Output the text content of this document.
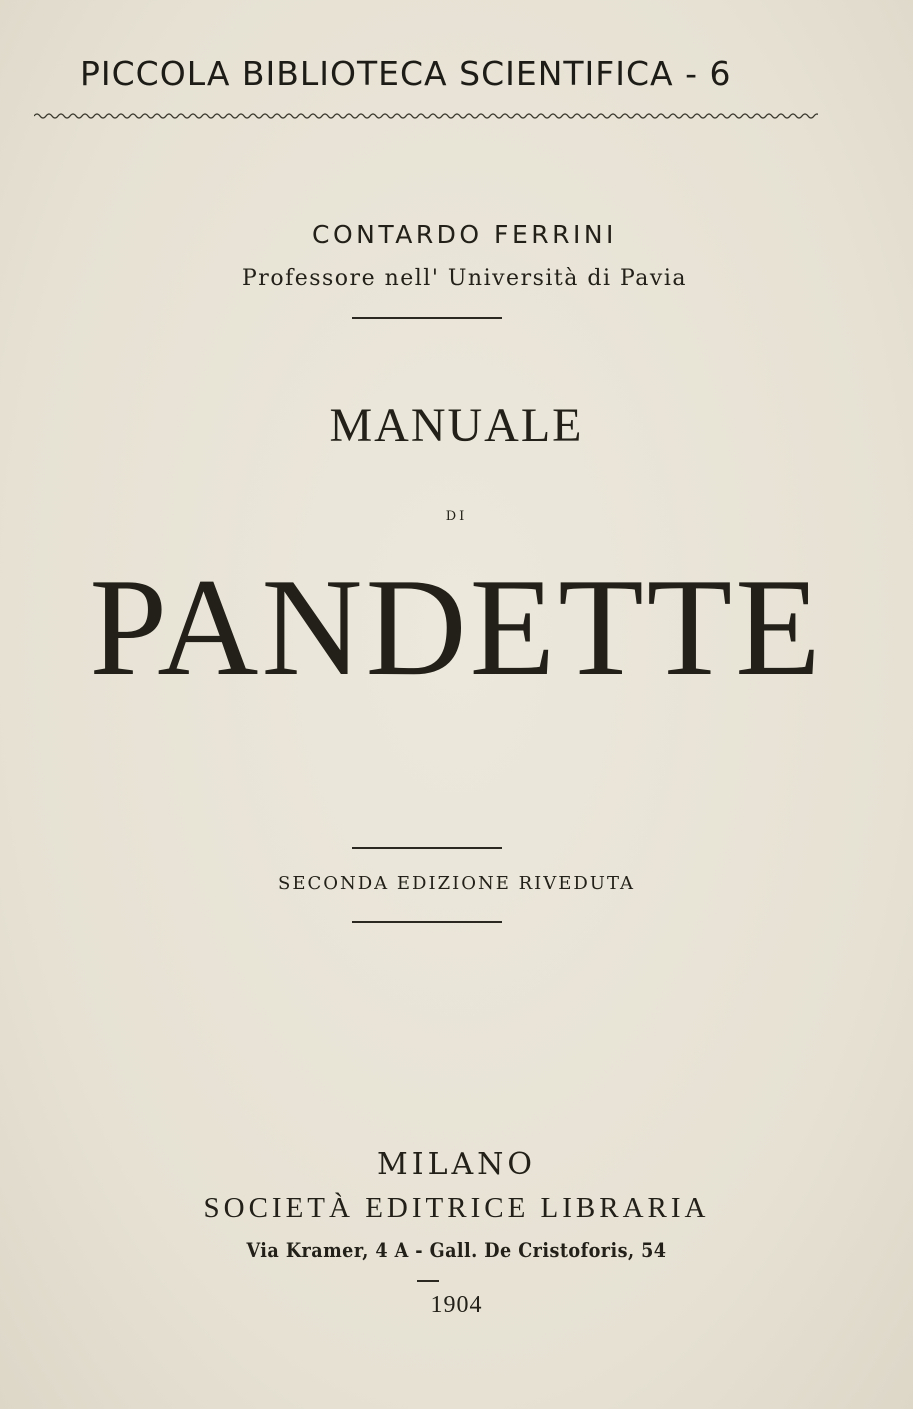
PICCOLA BIBLIOTECA SCIENTIFICA - 6
CONTARDO FERRINI
Professore nell' Università di Pavia
MANUALE
DI
PANDETTE
SECONDA EDIZIONE RIVEDUTA
MILANO
SOCIETÀ EDITRICE LIBRARIA
Via Kramer, 4 A - Gall. De Cristoforis, 54
1904
